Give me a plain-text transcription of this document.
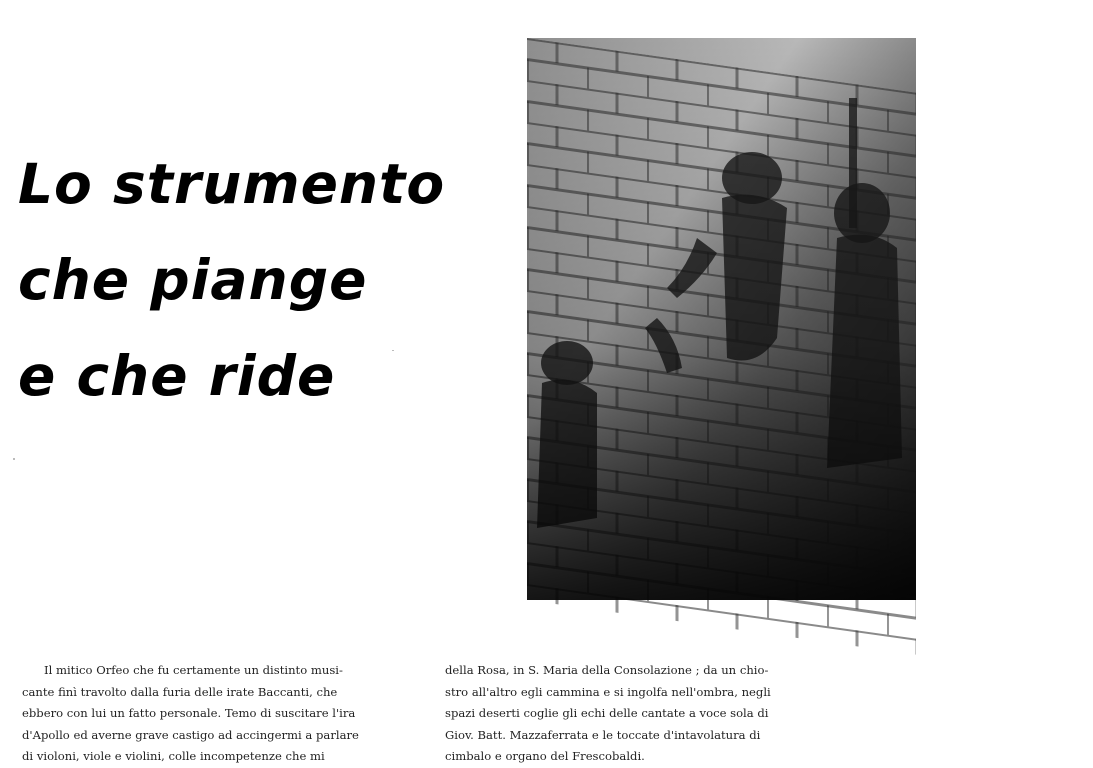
Lo strumento
che piange
e che ride
GUGLIO BALDI
Il mitico Orfeo che fu certamente un distinto musi-
cante finì travolto dalla furia delle irate Baccanti, che
ebbero con lui un fatto personale. Temo di suscitare l'ira
d'Apollo ed averne grave castigo ad accingermi a parlare
di violoni, viole e violini, colle incompetenze che mi
della Rosa, in S. Maria della Consolazione ; da un chio-
stro all'altro egli cammina e si ingolfa nell'ombra, negli
spazi deserti coglie gli echi delle cantate a voce sola di
Giov. Batt. Mazzaferrata e le toccate d'intavolatura di
cimbalo e organo del Frescobaldi.
